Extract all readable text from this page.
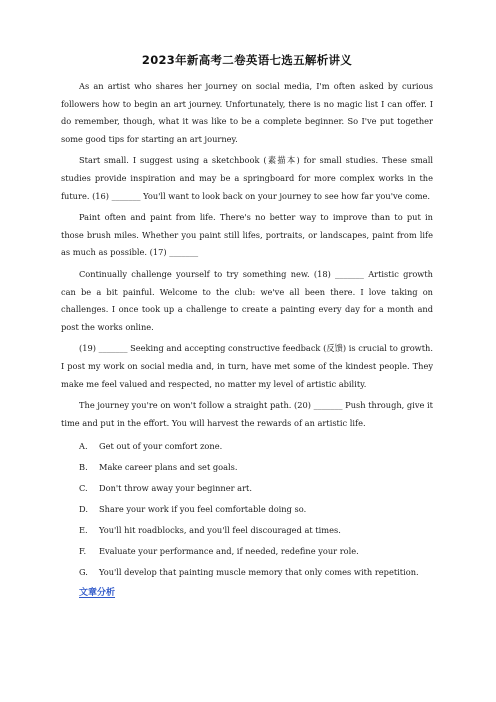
2023年新高考二卷英语七选五解析讲义

As an artist who shares her journey on social media, I'm often asked by curious followers how to begin an art journey. Unfortunately, there is no magic list I can offer. I do remember, though, what it was like to be a complete beginner. So I've put together some good tips for starting an art journey.

Start small. I suggest using a sketchbook (素描本) for small studies. These small studies provide inspiration and may be a springboard for more complex works in the future. (16) _______ You'll want to look back on your journey to see how far you've come.

Paint often and paint from life. There's no better way to improve than to put in those brush miles. Whether you paint still lifes, portraits, or landscapes, paint from life as much as possible. (17) _______

Continually challenge yourself to try something new. (18) _______ Artistic growth can be a bit painful. Welcome to the club: we've all been there. I love taking on challenges. I once took up a challenge to create a painting every day for a month and post the works online.

(19) _______ Seeking and accepting constructive feedback (反馈) is crucial to growth. I post my work on social media and, in turn, have met some of the kindest people. They make me feel valued and respected, no matter my level of artistic ability.

The journey you're on won't follow a straight path. (20) _______ Push through, give it time and put in the effort. You will harvest the rewards of an artistic life.

A.	Get out of your comfort zone.
B.	Make career plans and set goals.
C.	Don't throw away your beginner art.
D.	Share your work if you feel comfortable doing so.
E.	You'll hit roadblocks, and you'll feel discouraged at times.
F.	Evaluate your performance and, if needed, redefine your role.
G.	You'll develop that painting muscle memory that only comes with repetition.
文章分析
